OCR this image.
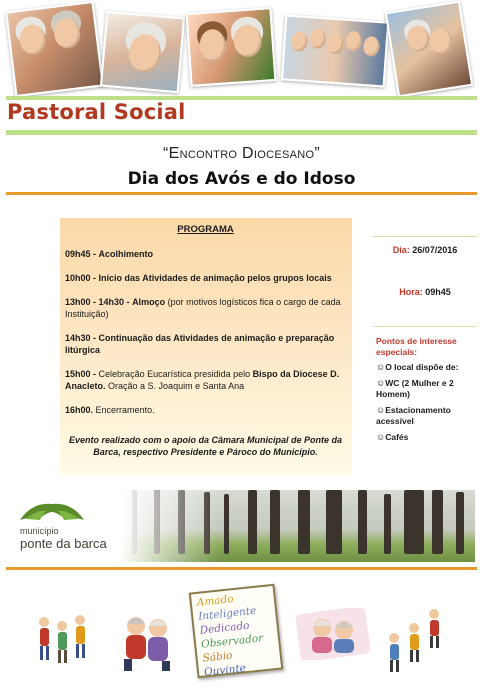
Pastoral Social
“Encontro Diocesano”
Dia dos Avós e do Idoso
PROGRAMA
09h45 - Acolhimento
10h00 - Início das Atividades de animação pelos grupos locais
13h00 - 14h30 - Almoço (por motivos logísticos fica o cargo de cada Instituição)
14h30 - Continuação das Atividades de animação e preparação litúrgica
15h00 - Celebração Eucarística presidida pelo Bispo da Diocese D. Anacleto. Oração a S. Joaquim e Santa Ana
16h00. Encerramento.
Evento realizado com o apoio da Câmara Municipal de Ponte da Barca, respectivo Presidente e Pároco do Município.
Dia: 26/07/2016
Hora: 09h45
Pontos de interesse especiais:
☺O local dispõe de:
☺WC (2 Mulher e 2 Homem)
☺Estacionamento acessível
☺Cafés
município
ponte da barca
Amado
Inteligente
Dedicado
Observador
Sábio
Ouvinte
